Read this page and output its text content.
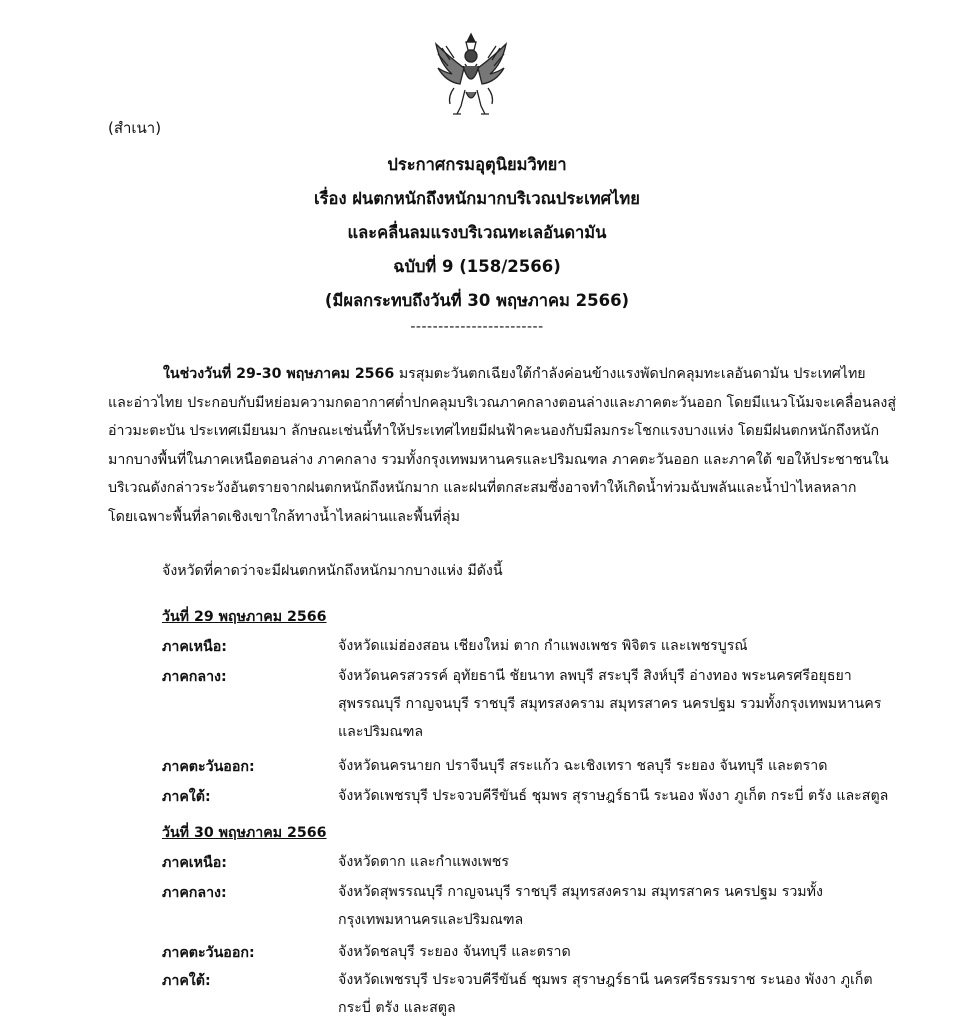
(สำเนา)
ประกาศกรมอุตุนิยมวิทยา
เรื่อง ฝนตกหนักถึงหนักมากบริเวณประเทศไทย
และคลื่นลมแรงบริเวณทะเลอันดามัน
ฉบับที่ 9 (158/2566)
(มีผลกระทบถึงวันที่ 30 พฤษภาคม 2566)
------------------------
ในช่วงวันที่ 29-30 พฤษภาคม 2566 มรสุมตะวันตกเฉียงใต้กำลังค่อนข้างแรงพัดปกคลุมทะเลอันดามัน ประเทศไทย
และอ่าวไทย ประกอบกับมีหย่อมความกดอากาศต่ำปกคลุมบริเวณภาคกลางตอนล่างและภาคตะวันออก โดยมีแนวโน้มจะเคลื่อนลงสู่
อ่าวมะตะบัน ประเทศเมียนมา ลักษณะเช่นนี้ทำให้ประเทศไทยมีฝนฟ้าคะนองกับมีลมกระโชกแรงบางแห่ง โดยมีฝนตกหนักถึงหนัก
มากบางพื้นที่ในภาคเหนือตอนล่าง ภาคกลาง รวมทั้งกรุงเทพมหานครและปริมณฑล ภาคตะวันออก และภาคใต้ ขอให้ประชาชนใน
บริเวณดังกล่าวระวังอันตรายจากฝนตกหนักถึงหนักมาก และฝนที่ตกสะสมซึ่งอาจทำให้เกิดน้ำท่วมฉับพลันและน้ำป่าไหลหลาก
โดยเฉพาะพื้นที่ลาดเชิงเขาใกล้ทางน้ำไหลผ่านและพื้นที่ลุ่ม
จังหวัดที่คาดว่าจะมีฝนตกหนักถึงหนักมากบางแห่ง มีดังนี้
วันที่ 29 พฤษภาคม 2566
ภาคเหนือ:	จังหวัดแม่ฮ่องสอน เชียงใหม่ ตาก กำแพงเพชร พิจิตร และเพชรบูรณ์
ภาคกลาง:	จังหวัดนครสวรรค์ อุทัยธานี ชัยนาท ลพบุรี สระบุรี สิงห์บุรี อ่างทอง พระนครศรีอยุธยา
สุพรรณบุรี กาญจนบุรี ราชบุรี สมุทรสงคราม สมุทรสาคร นครปฐม รวมทั้งกรุงเทพมหานคร
และปริมณฑล
ภาคตะวันออก:	จังหวัดนครนายก ปราจีนบุรี สระแก้ว ฉะเชิงเทรา ชลบุรี ระยอง จันทบุรี และตราด
ภาคใต้:	จังหวัดเพชรบุรี ประจวบคีรีขันธ์ ชุมพร สุราษฎร์ธานี ระนอง พังงา ภูเก็ต กระบี่ ตรัง และสตูล
วันที่ 30 พฤษภาคม 2566
ภาคเหนือ:	จังหวัดตาก และกำแพงเพชร
ภาคกลาง:	จังหวัดสุพรรณบุรี กาญจนบุรี ราชบุรี สมุทรสงคราม สมุทรสาคร นครปฐม รวมทั้ง
กรุงเทพมหานครและปริมณฑล
ภาคตะวันออก:	จังหวัดชลบุรี ระยอง จันทบุรี และตราด
ภาคใต้:	จังหวัดเพชรบุรี ประจวบคีรีขันธ์ ชุมพร สุราษฎร์ธานี นครศรีธรรมราช ระนอง พังงา ภูเก็ต
กระบี่ ตรัง และสตูล
